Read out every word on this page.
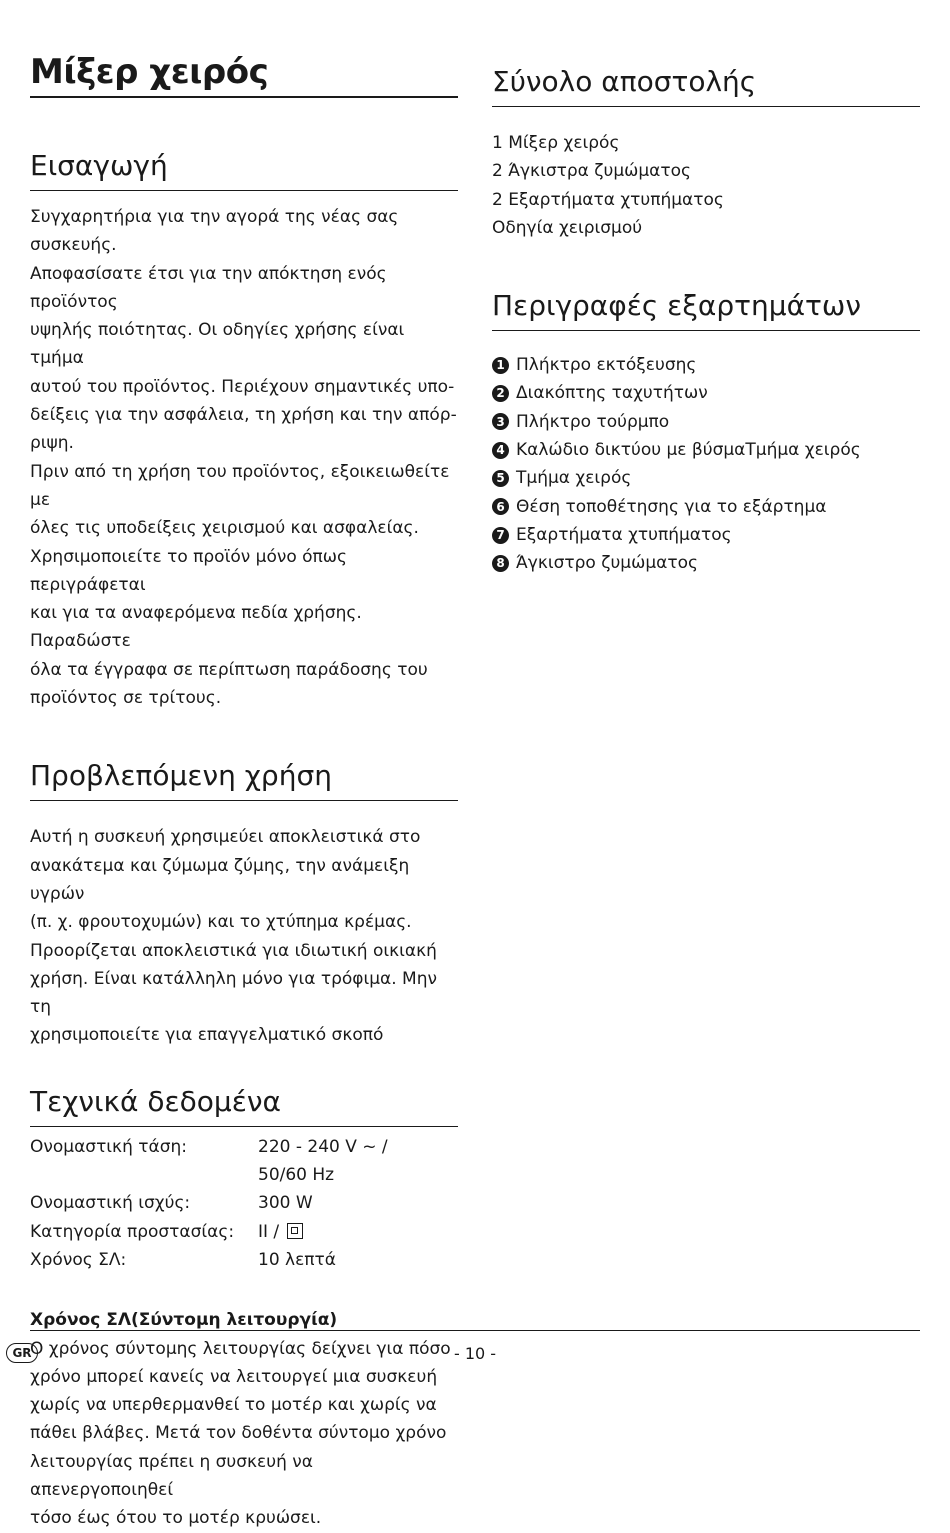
Μίξερ χειρός
Εισαγωγή
Συγχαρητήρια για την αγορά της νέας σας συσκευής.
Αποφασίσατε έτσι για την απόκτηση ενός προϊόντος
υψηλής ποιότητας. Οι οδηγίες χρήσης είναι τμήμα
αυτού του προϊόντος. Περιέχουν σημαντικές υπο-
δείξεις για την ασφάλεια, τη χρήση και την απόρ-
ριψη.
Πριν από τη χρήση του προϊόντος, εξοικειωθείτε με
όλες τις υποδείξεις χειρισμού και ασφαλείας.
Χρησιμοποιείτε το προϊόν μόνο όπως περιγράφεται
και για τα αναφερόμενα πεδία χρήσης. Παραδώστε
όλα τα έγγραφα σε περίπτωση παράδοσης του
προϊόντος σε τρίτους.
Προβλεπόμενη χρήση
Αυτή η συσκευή χρησιμεύει αποκλειστικά στο
ανακάτεμα και ζύμωμα ζύμης, την ανάμειξη υγρών
(π. χ. φρουτοχυμών) και το χτύπημα κρέμας.
Προορίζεται αποκλειστικά για ιδιωτική οικιακή
χρήση. Είναι κατάλληλη μόνο για τρόφιμα. Μην τη
χρησιμοποιείτε για επαγγελματικό σκοπό
Τεχνικά δεδομένα
Ονομαστική τάση:	220 - 240 V ~ /
50/60 Hz

Ονομαστική ισχύς:	300 W
Κατηγορία προστασίας:	II /
Χρόνος ΣΛ:	10 λεπτά
Χρόνος ΣΛ(Σύντομη λειτουργία)
Ο χρόνος σύντομης λειτουργίας δείχνει για πόσο
χρόνο μπορεί κανείς να λειτουργεί μια συσκευή
χωρίς να υπερθερμανθεί το μοτέρ και χωρίς να
πάθει βλάβες. Μετά τον δοθέντα σύντομο χρόνο
λειτουργίας πρέπει η συσκευή να απενεργοποιηθεί
τόσο έως ότου το μοτέρ κρυώσει.
Σύνολο αποστολής
1 Μίξερ χειρός
2 Άγκιστρα ζυμώματος
2 Εξαρτήματα χτυπήματος
Οδηγία χειρισμού
Περιγραφές εξαρτημάτων
1 Πλήκτρο εκτόξευσης
2 Διακόπτης ταχυτήτων
3 Πλήκτρο τούρμπο
4 Καλώδιο δικτύου με βύσμαΤμήμα χειρός
5 Τμήμα χειρός
6 Θέση τοποθέτησης για το εξάρτημα
7 Εξαρτήματα χτυπήματος
8 Άγκιστρο ζυμώματος
GR	- 10 -
